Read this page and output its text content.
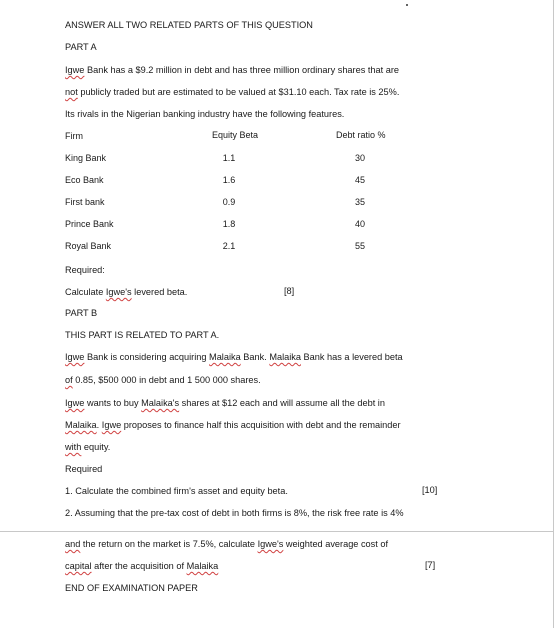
ANSWER ALL TWO RELATED PARTS OF THIS QUESTION
PART A
Igwe Bank has a $9.2 million in debt and has three million ordinary shares that are
not publicly traded but are estimated to be valued at $31.10 each. Tax rate is 25%.
Its rivals in the Nigerian banking industry have the following features.
Firm	Equity Beta	Debt ratio %
King Bank	1.1	30
Eco Bank	1.6	45
First bank	0.9	35
Prince Bank	1.8	40
Royal Bank	2.1	55
Required:
Calculate Igwe's levered beta.	[8]
PART B
THIS PART IS RELATED TO PART A.
Igwe Bank is considering acquiring Malaika Bank. Malaika Bank has a levered beta
of 0.85, $500 000 in debt and 1 500 000 shares.
Igwe wants to buy Malaika's shares at $12 each and will assume all the debt in
Malaika. Igwe proposes to finance half this acquisition with debt and the remainder
with equity.
Required
1. Calculate the combined firm's asset and equity beta.	[10]
2. Assuming that the pre-tax cost of debt in both firms is 8%, the risk free rate is 4%
and the return on the market is 7.5%, calculate Igwe's weighted average cost of
capital after the acquisition of Malaika	[7]
END OF EXAMINATION PAPER
